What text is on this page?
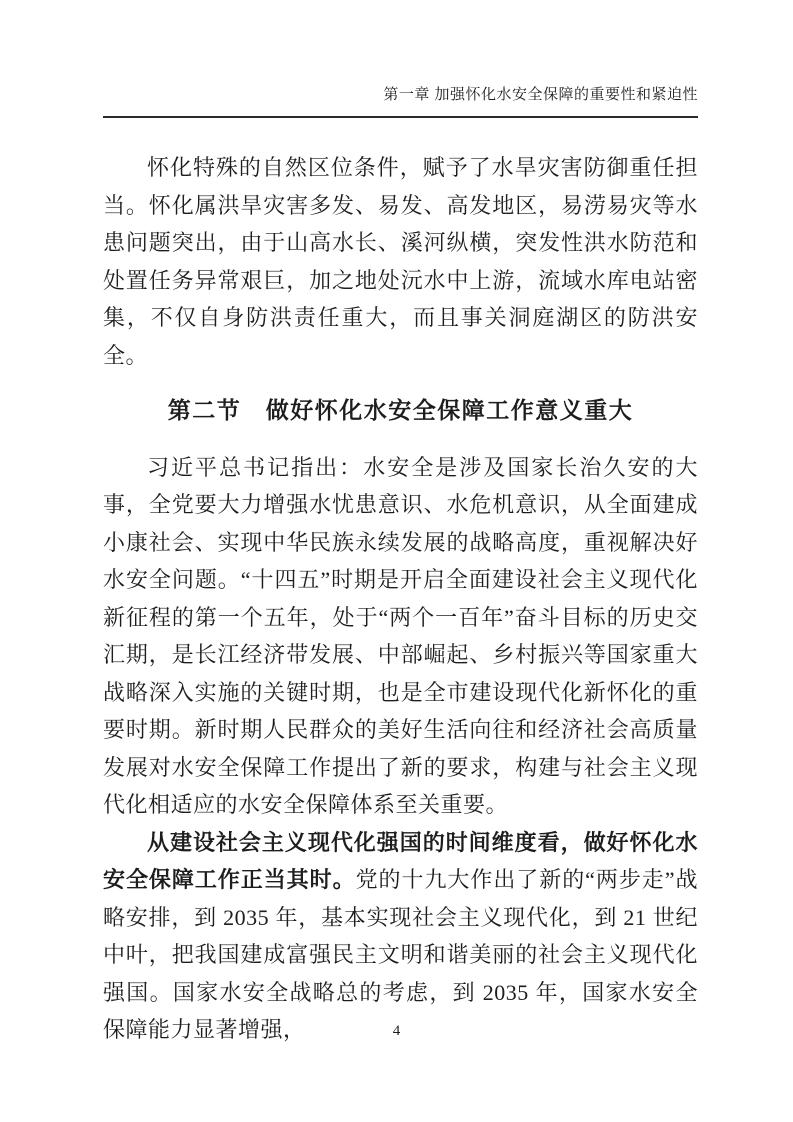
第一章 加强怀化水安全保障的重要性和紧迫性

怀化特殊的自然区位条件，赋予了水旱灾害防御重任担当。怀化属洪旱灾害多发、易发、高发地区，易涝易灾等水患问题突出，由于山高水长、溪河纵横，突发性洪水防范和处置任务异常艰巨，加之地处沅水中上游，流域水库电站密集，不仅自身防洪责任重大，而且事关洞庭湖区的防洪安全。

第二节　做好怀化水安全保障工作意义重大

习近平总书记指出：水安全是涉及国家长治久安的大事，全党要大力增强水忧患意识、水危机意识，从全面建成小康社会、实现中华民族永续发展的战略高度，重视解决好水安全问题。“十四五”时期是开启全面建设社会主义现代化新征程的第一个五年，处于“两个一百年”奋斗目标的历史交汇期，是长江经济带发展、中部崛起、乡村振兴等国家重大战略深入实施的关键时期，也是全市建设现代化新怀化的重要时期。新时期人民群众的美好生活向往和经济社会高质量发展对水安全保障工作提出了新的要求，构建与社会主义现代化相适应的水安全保障体系至关重要。

从建设社会主义现代化强国的时间维度看，做好怀化水安全保障工作正当其时。党的十九大作出了新的“两步走”战略安排，到 2035 年，基本实现社会主义现代化，到 21 世纪中叶，把我国建成富强民主文明和谐美丽的社会主义现代化强国。国家水安全战略总的考虑，到 2035 年，国家水安全保障能力显著增强，	4
